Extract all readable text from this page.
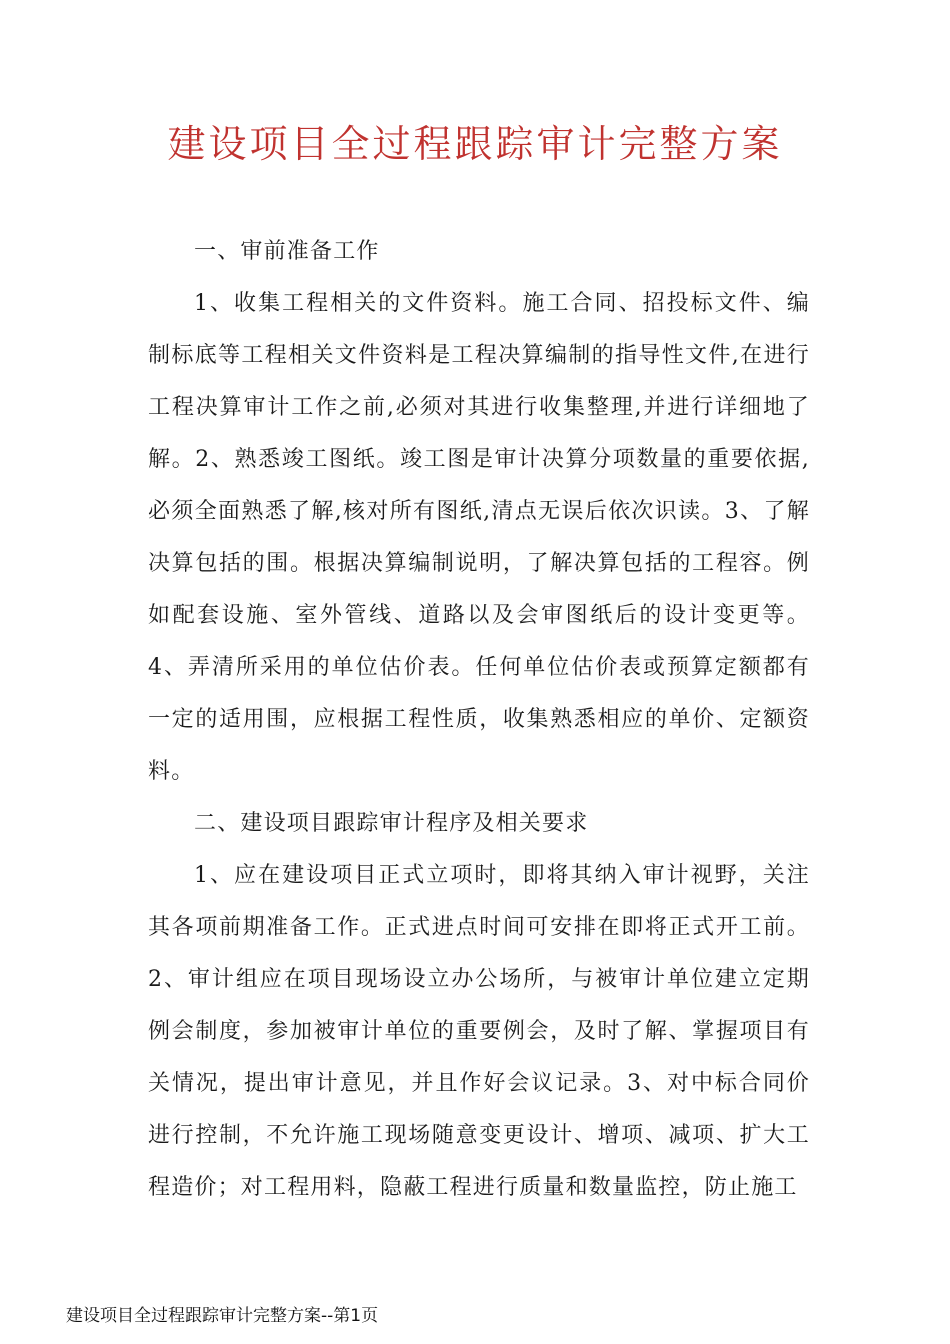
建设项目全过程跟踪审计完整方案

一、审前准备工作

1、收集工程相关的文件资料。施工合同、招投标文件、编制标底等工程相关文件资料是工程决算编制的指导性文件,在进行工程决算审计工作之前,必须对其进行收集整理,并进行详细地了解。2、熟悉竣工图纸。竣工图是审计决算分项数量的重要依据,必须全面熟悉了解,核对所有图纸,清点无误后依次识读。3、了解决算包括的围。根据决算编制说明，了解决算包括的工程容。例如配套设施、室外管线、道路以及会审图纸后的设计变更等。4、弄清所采用的单位估价表。任何单位估价表或预算定额都有一定的适用围，应根据工程性质，收集熟悉相应的单价、定额资料。

二、建设项目跟踪审计程序及相关要求

1、应在建设项目正式立项时，即将其纳入审计视野，关注其各项前期准备工作。正式进点时间可安排在即将正式开工前。2、审计组应在项目现场设立办公场所，与被审计单位建立定期例会制度，参加被审计单位的重要例会，及时了解、掌握项目有关情况，提出审计意见，并且作好会议记录。3、对中标合同价进行控制，不允许施工现场随意变更设计、增项、减项、扩大工程造价；对工程用料，隐蔽工程进行质量和数量监控，防止施工

建设项目全过程跟踪审计完整方案--第1页
